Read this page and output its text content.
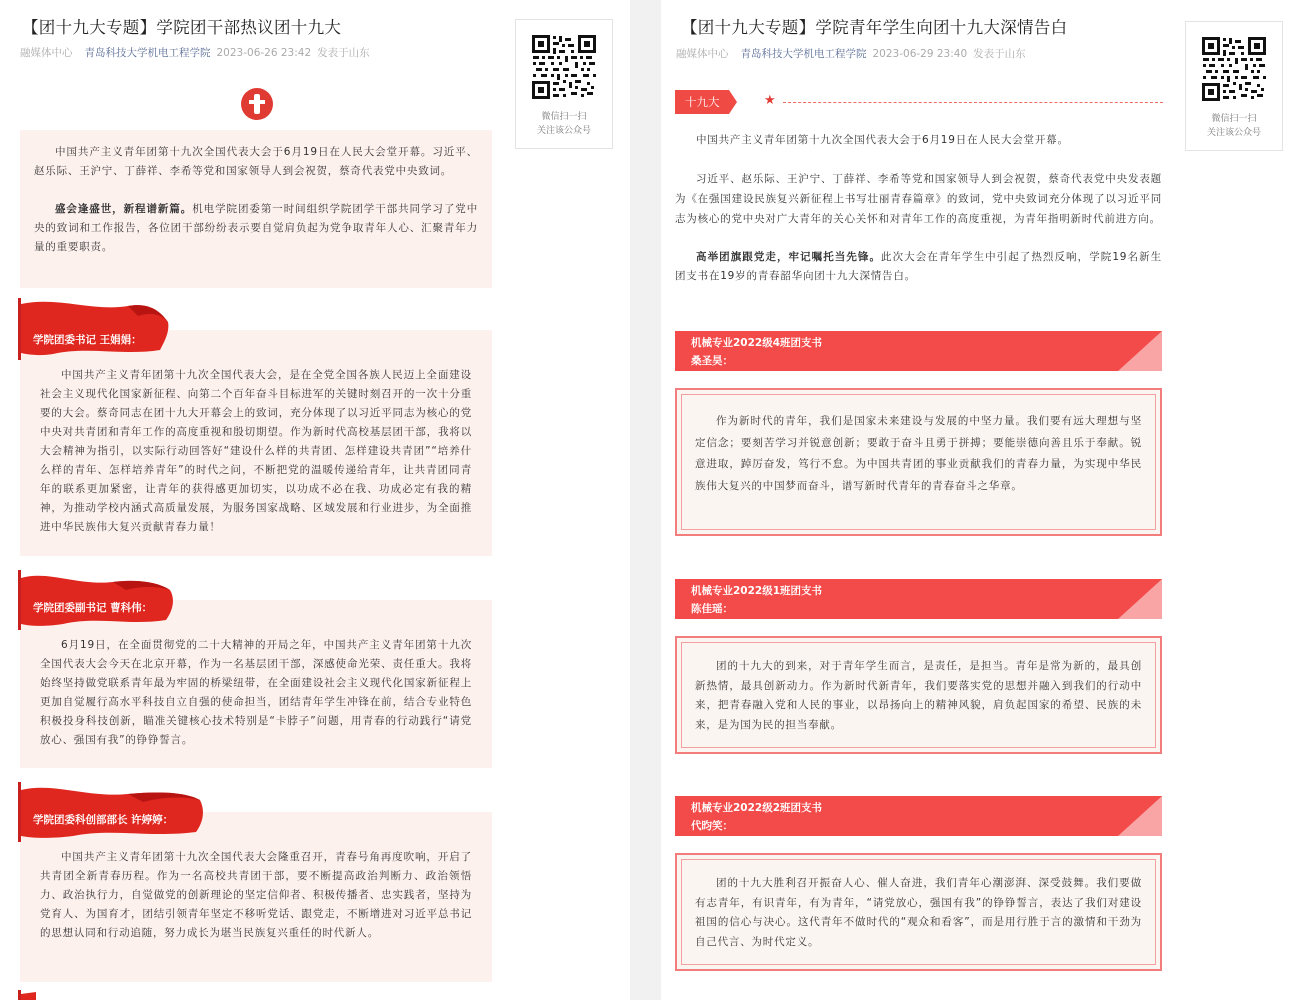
【团十九大专题】学院团干部热议团十九大
融媒体中心 青岛科技大学机电工程学院 2023-06-26 23:42 发表于山东
微信扫一扫
关注该公众号

中国共产主义青年团第十九次全国代表大会于6月19日在人民大会堂开幕。习近平、赵乐际、王沪宁、丁薛祥、李希等党和国家领导人到会祝贺，蔡奇代表党中央致词。

盛会逢盛世，新程谱新篇。机电学院团委第一时间组织学院团学干部共同学习了党中央的致词和工作报告，各位团干部纷纷表示要自觉肩负起为党争取青年人心、汇聚青年力量的重要职责。

中国共产主义青年团第十九次全国代表大会，是在全党全国各族人民迈上全面建设社会主义现代化国家新征程、向第二个百年奋斗目标进军的关键时刻召开的一次十分重要的大会。蔡奇同志在团十九大开幕会上的致词，充分体现了以习近平同志为核心的党中央对共青团和青年工作的高度重视和殷切期望。作为新时代高校基层团干部，我将以大会精神为指引，以实际行动回答好“建设什么样的共青团、怎样建设共青团”“培养什么样的青年、怎样培养青年”的时代之问，不断把党的温暖传递给青年，让共青团同青年的联系更加紧密，让青年的获得感更加切实，以功成不必在我、功成必定有我的精神，为推动学校内涵式高质量发展，为服务国家战略、区域发展和行业进步，为全面推进中华民族伟大复兴贡献青春力量！

学院团委书记 王娟娟：

6月19日，在全面贯彻党的二十大精神的开局之年，中国共产主义青年团第十九次全国代表大会今天在北京开幕，作为一名基层团干部，深感使命光荣、责任重大。我将始终坚持做党联系青年最为牢固的桥梁纽带，在全面建设社会主义现代化国家新征程上更加自觉履行高水平科技自立自强的使命担当，团结青年学生冲锋在前，结合专业特色积极投身科技创新，瞄准关键核心技术特别是“卡脖子”问题，用青春的行动践行“请党放心、强国有我”的铮铮誓言。

学院团委副书记 曹科伟：

中国共产主义青年团第十九次全国代表大会隆重召开，青春号角再度吹响，开启了共青团全新青春历程。作为一名高校共青团干部，要不断提高政治判断力、政治领悟力、政治执行力，自觉做党的创新理论的坚定信仰者、积极传播者、忠实践者，坚持为党育人、为国育才，团结引领青年坚定不移听党话、跟党走，不断增进对习近平总书记的思想认同和行动追随，努力成长为堪当民族复兴重任的时代新人。

学院团委科创部部长 许婷婷：
【团十九大专题】学院青年学生向团十九大深情告白
融媒体中心 青岛科技大学机电工程学院 2023-06-29 23:40 发表于山东
微信扫一扫
关注该公众号
十九大	★

中国共产主义青年团第十九次全国代表大会于6月19日在人民大会堂开幕。

习近平、赵乐际、王沪宁、丁薛祥、李希等党和国家领导人到会祝贺，蔡奇代表党中央发表题为《在强国建设民族复兴新征程上书写壮丽青春篇章》的致词，党中央致词充分体现了以习近平同志为核心的党中央对广大青年的关心关怀和对青年工作的高度重视，为青年指明新时代前进方向。

高举团旗跟党走，牢记嘱托当先锋。此次大会在青年学生中引起了热烈反响，学院19名新生团支书在19岁的青春韶华向团十九大深情告白。

机械专业2022级4班团支书
桑圣昊：

作为新时代的青年，我们是国家未来建设与发展的中坚力量。我们要有远大理想与坚定信念；要刻苦学习并锐意创新；要敢于奋斗且勇于拼搏；要能崇德向善且乐于奉献。锐意进取，踔厉奋发，笃行不怠。为中国共青团的事业贡献我们的青春力量，为实现中华民族伟大复兴的中国梦而奋斗，谱写新时代青年的青春奋斗之华章。

机械专业2022级1班团支书
陈佳瑶：

团的十九大的到来，对于青年学生而言，是责任，是担当。青年是常为新的，最具创新热情，最具创新动力。作为新时代新青年，我们要落实党的思想并融入到我们的行动中来，把青春融入党和人民的事业，以昂扬向上的精神风貌，肩负起国家的希望、民族的未来，是为国为民的担当奉献。

机械专业2022级2班团支书
代昀笑：

团的十九大胜利召开振奋人心、催人奋进，我们青年心潮澎湃、深受鼓舞。我们要做有志青年，有识青年，有为青年，“请党放心，强国有我”的铮铮誓言，表达了我们对建设祖国的信心与决心。这代青年不做时代的“观众和看客”，而是用行胜于言的激情和干劲为自己代言、为时代定义。
